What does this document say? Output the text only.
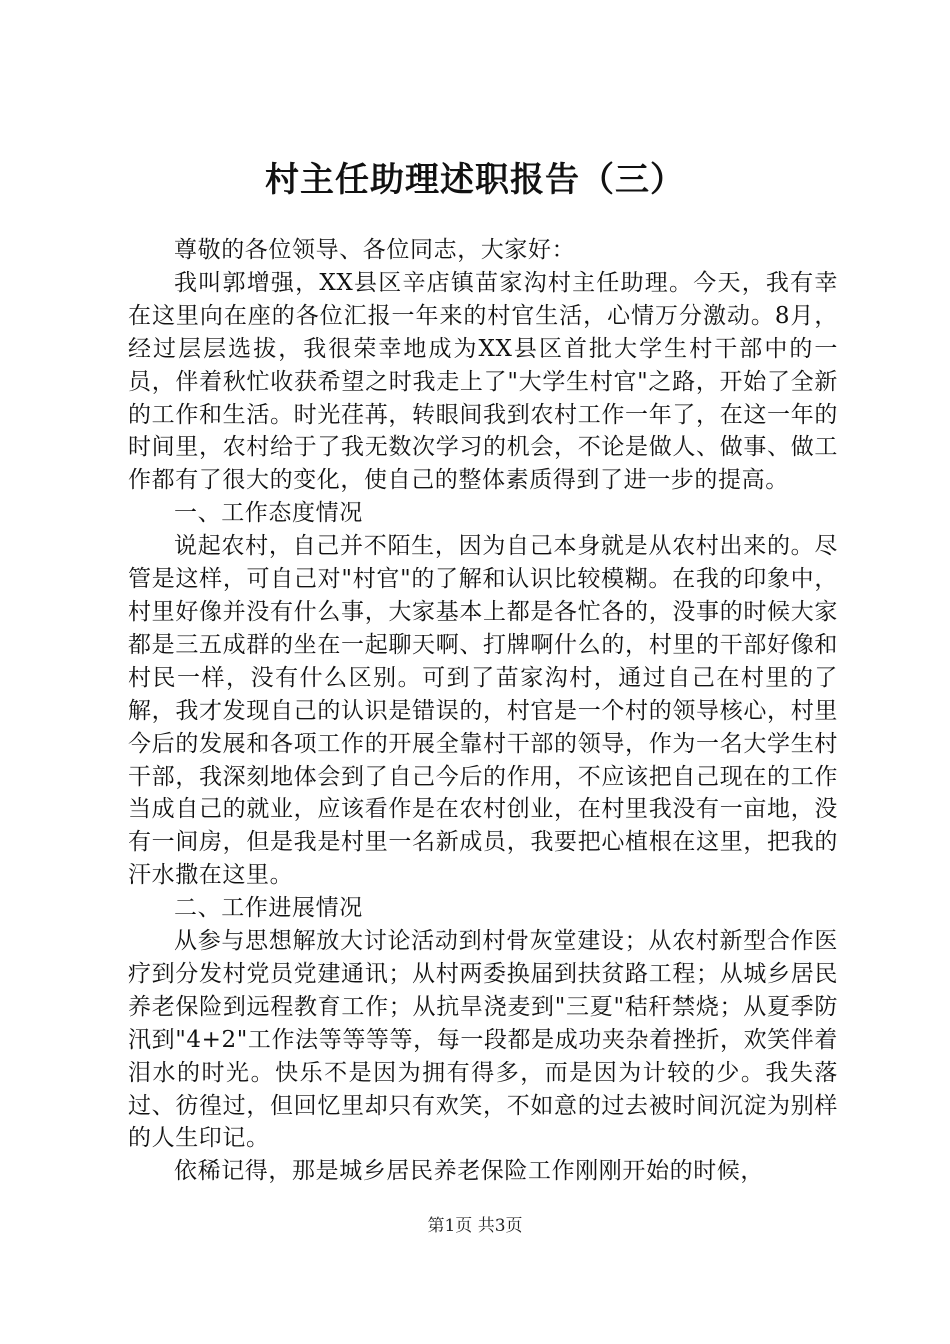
村主任助理述职报告（三）

尊敬的各位领导、各位同志，大家好：

我叫郭增强，XX县区辛店镇苗家沟村主任助理。今天，我有幸在这里向在座的各位汇报一年来的村官生活，心情万分激动。8月，经过层层选拔，我很荣幸地成为XX县区首批大学生村干部中的一员，伴着秋忙收获希望之时我走上了"大学生村官"之路，开始了全新的工作和生活。时光荏苒，转眼间我到农村工作一年了，在这一年的时间里，农村给于了我无数次学习的机会，不论是做人、做事、做工作都有了很大的变化，使自己的整体素质得到了进一步的提高。

一、工作态度情况

说起农村，自己并不陌生，因为自己本身就是从农村出来的。尽管是这样，可自己对"村官"的了解和认识比较模糊。在我的印象中，村里好像并没有什么事，大家基本上都是各忙各的，没事的时候大家都是三五成群的坐在一起聊天啊、打牌啊什么的，村里的干部好像和村民一样，没有什么区别。可到了苗家沟村，通过自己在村里的了解，我才发现自己的认识是错误的，村官是一个村的领导核心，村里今后的发展和各项工作的开展全靠村干部的领导，作为一名大学生村干部，我深刻地体会到了自己今后的作用，不应该把自己现在的工作当成自己的就业，应该看作是在农村创业，在村里我没有一亩地，没有一间房，但是我是村里一名新成员，我要把心植根在这里，把我的汗水撒在这里。

二、工作进展情况

从参与思想解放大讨论活动到村骨灰堂建设；从农村新型合作医疗到分发村党员党建通讯；从村两委换届到扶贫路工程；从城乡居民养老保险到远程教育工作；从抗旱浇麦到"三夏"秸秆禁烧；从夏季防汛到"4+2"工作法等等等等，每一段都是成功夹杂着挫折，欢笑伴着泪水的时光。快乐不是因为拥有得多，而是因为计较的少。我失落过、彷徨过，但回忆里却只有欢笑，不如意的过去被时间沉淀为别样的人生印记。

依稀记得，那是城乡居民养老保险工作刚刚开始的时候，

第1页 共3页
